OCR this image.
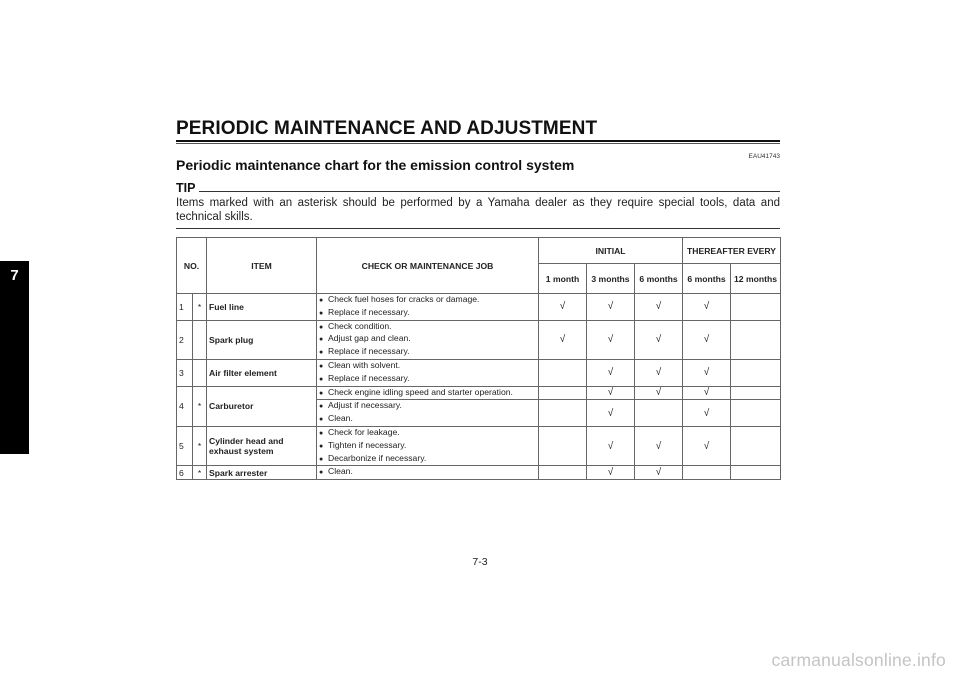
PERIODIC MAINTENANCE AND ADJUSTMENT
7
EAU41743
Periodic maintenance chart for the emission control system
TIP
Items marked with an asterisk should be performed by a Yamaha dealer as they require special tools, data and technical skills.
NO.		ITEM	CHECK OR MAINTENANCE JOB	INITIAL			THEREAFTER EVERY	
				1 month	3 months	6 months	6 months	12 months
1	*	Fuel line	● Check fuel hoses for cracks or damage.
● Replace if necessary.	√	√	√	√	
2		Spark plug	● Check condition.
● Adjust gap and clean.
● Replace if necessary.	√	√	√	√	
3		Air filter element	● Clean with solvent.
● Replace if necessary.		√	√	√	
4	*	Carburetor	● Check engine idling speed and starter operation.		√	√	√	

			● Adjust if necessary.
● Clean.		√		√	
5	*	Cylinder head and exhaust system	● Check for leakage.
● Tighten if necessary.
● Decarbonize if necessary.		√	√	√	
6	*	Spark arrester	● Clean.		√	√		
7-3
carmanualsonline.info
